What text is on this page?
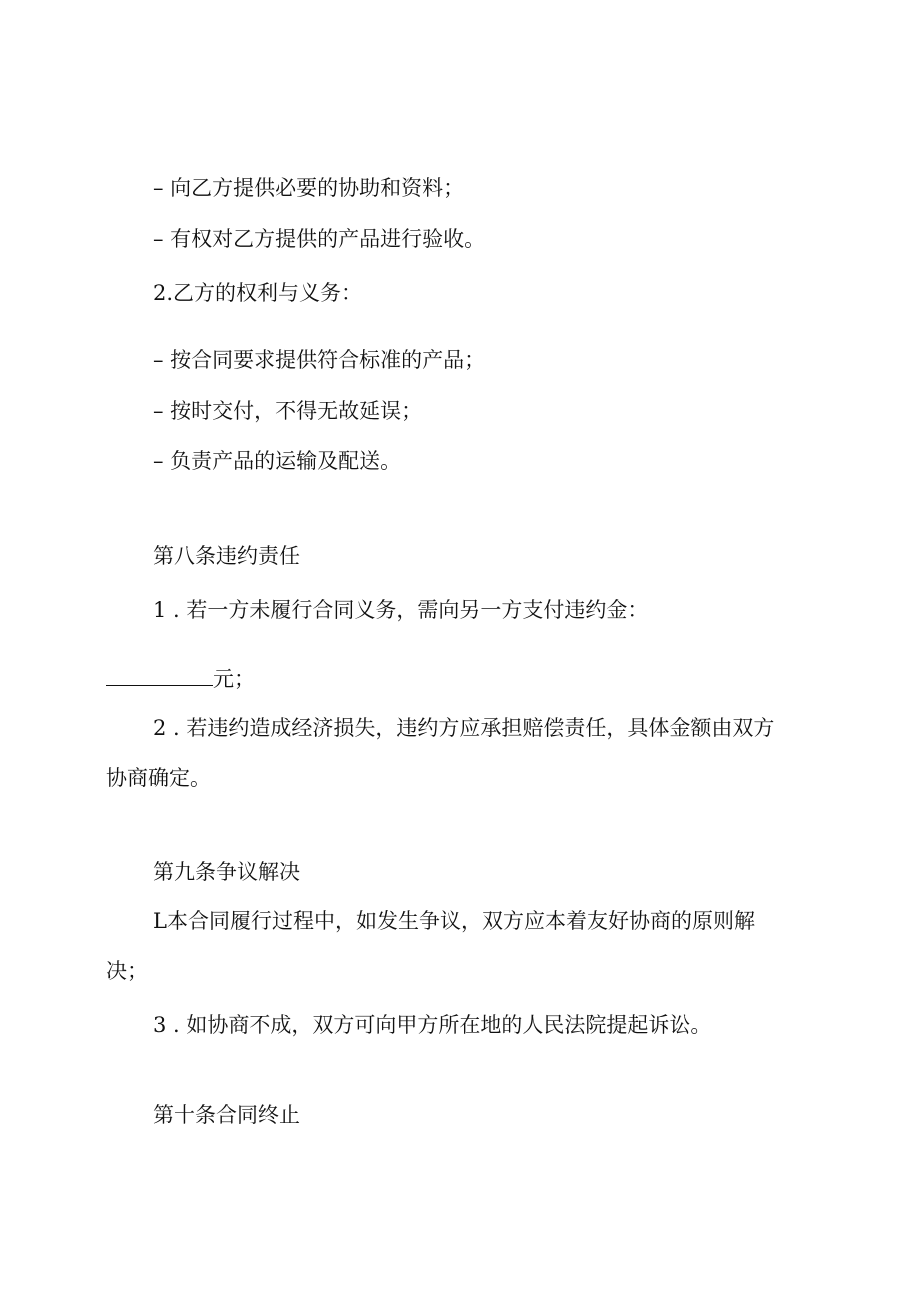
– 向乙方提供必要的协助和资料；
– 有权对乙方提供的产品进行验收。
2.乙方的权利与义务：
– 按合同要求提供符合标准的产品；
– 按时交付，不得无故延误；
– 负责产品的运输及配送。
第八条违约责任
1 . 若一方未履行合同义务，需向另一方支付违约金：
元；
2 . 若违约造成经济损失，违约方应承担赔偿责任，具体金额由双方
协商确定。
第九条争议解决
L本合同履行过程中，如发生争议，双方应本着友好协商的原则解
决；
3 . 如协商不成，双方可向甲方所在地的人民法院提起诉讼。
第十条合同终止
